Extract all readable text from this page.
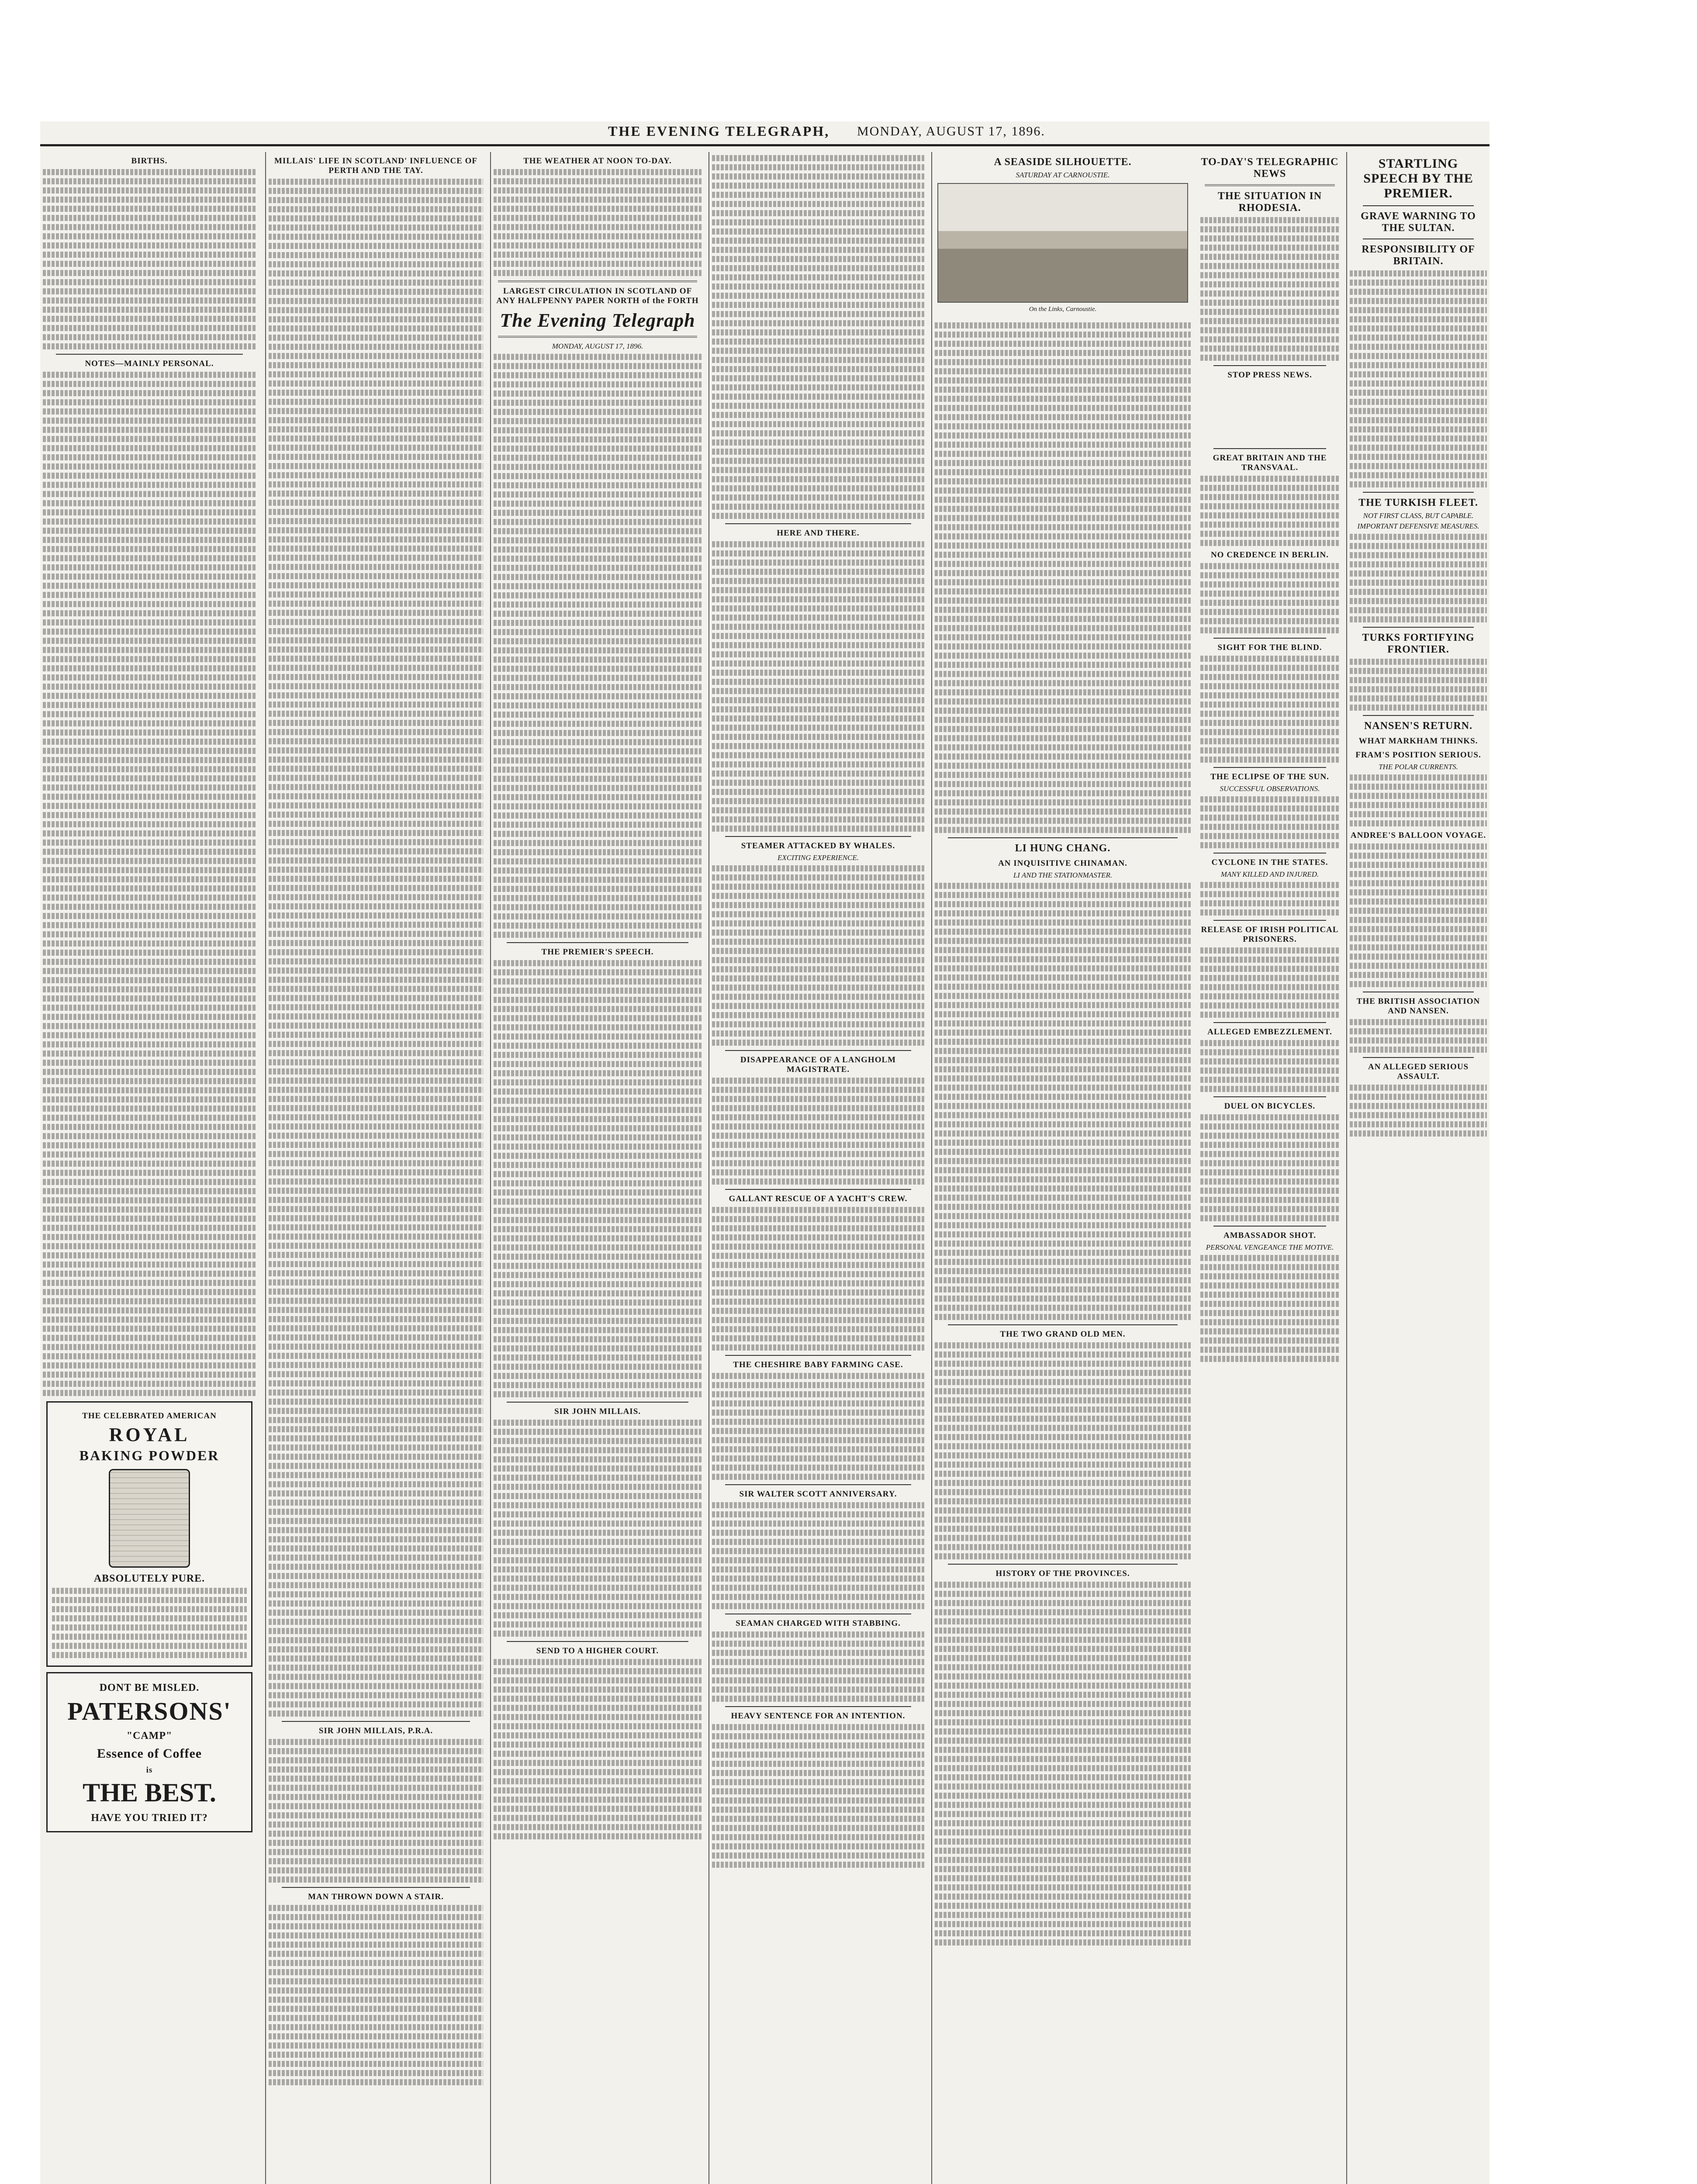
THE EVENING TELEGRAPH, MONDAY, AUGUST 17, 1896.
BIRTHS.
NOTES—MAINLY PERSONAL.
THE CELEBRATED AMERICAN
ROYAL
BAKING POWDER
ABSOLUTELY PURE.
DONT BE MISLED.
PATERSONS'
"CAMP"
Essence of Coffee
is
THE BEST.
HAVE YOU TRIED IT?
MILLAIS' LIFE IN SCOTLAND' INFLUENCE OF PERTH AND THE TAY.
SIR JOHN MILLAIS, P.R.A.
MAN THROWN DOWN A STAIR.
THE WEATHER AT NOON TO-DAY.
LARGEST CIRCULATION IN SCOTLAND OF ANY HALFPENNY PAPER NORTH of the FORTH
The Evening Telegraph
MONDAY, AUGUST 17, 1896.
THE PREMIER'S SPEECH.
SIR JOHN MILLAIS.
SEND TO A HIGHER COURT.
HERE AND THERE.
STEAMER ATTACKED BY WHALES.
EXCITING EXPERIENCE.
DISAPPEARANCE OF A LANGHOLM MAGISTRATE.
GALLANT RESCUE OF A YACHT'S CREW.
THE CHESHIRE BABY FARMING CASE.
SIR WALTER SCOTT ANNIVERSARY.
SEAMAN CHARGED WITH STABBING.
HEAVY SENTENCE FOR AN INTENTION.
A SEASIDE SILHOUETTE.
SATURDAY AT CARNOUSTIE.
On the Links, Carnoustie.
LI HUNG CHANG.
AN INQUISITIVE CHINAMAN.
LI AND THE STATIONMASTER.
THE TWO GRAND OLD MEN.
HISTORY OF THE PROVINCES.
TO-DAY'S TELEGRAPHIC NEWS
THE SITUATION IN RHODESIA.
STOP PRESS NEWS.
GREAT BRITAIN AND THE TRANSVAAL.
NO CREDENCE IN BERLIN.
SIGHT FOR THE BLIND.
THE ECLIPSE OF THE SUN.
SUCCESSFUL OBSERVATIONS.
CYCLONE IN THE STATES.
MANY KILLED AND INJURED.
RELEASE OF IRISH POLITICAL PRISONERS.
ALLEGED EMBEZZLEMENT.
DUEL ON BICYCLES.
AMBASSADOR SHOT.
PERSONAL VENGEANCE THE MOTIVE.
STARTLING SPEECH BY THE PREMIER.
GRAVE WARNING TO THE SULTAN.
RESPONSIBILITY OF BRITAIN.
THE TURKISH FLEET.
NOT FIRST CLASS, BUT CAPABLE.
IMPORTANT DEFENSIVE MEASURES.
TURKS FORTIFYING FRONTIER.
NANSEN'S RETURN.
WHAT MARKHAM THINKS.
FRAM'S POSITION SERIOUS.
THE POLAR CURRENTS.
ANDREE'S BALLOON VOYAGE.
THE BRITISH ASSOCIATION AND NANSEN.
AN ALLEGED SERIOUS ASSAULT.
